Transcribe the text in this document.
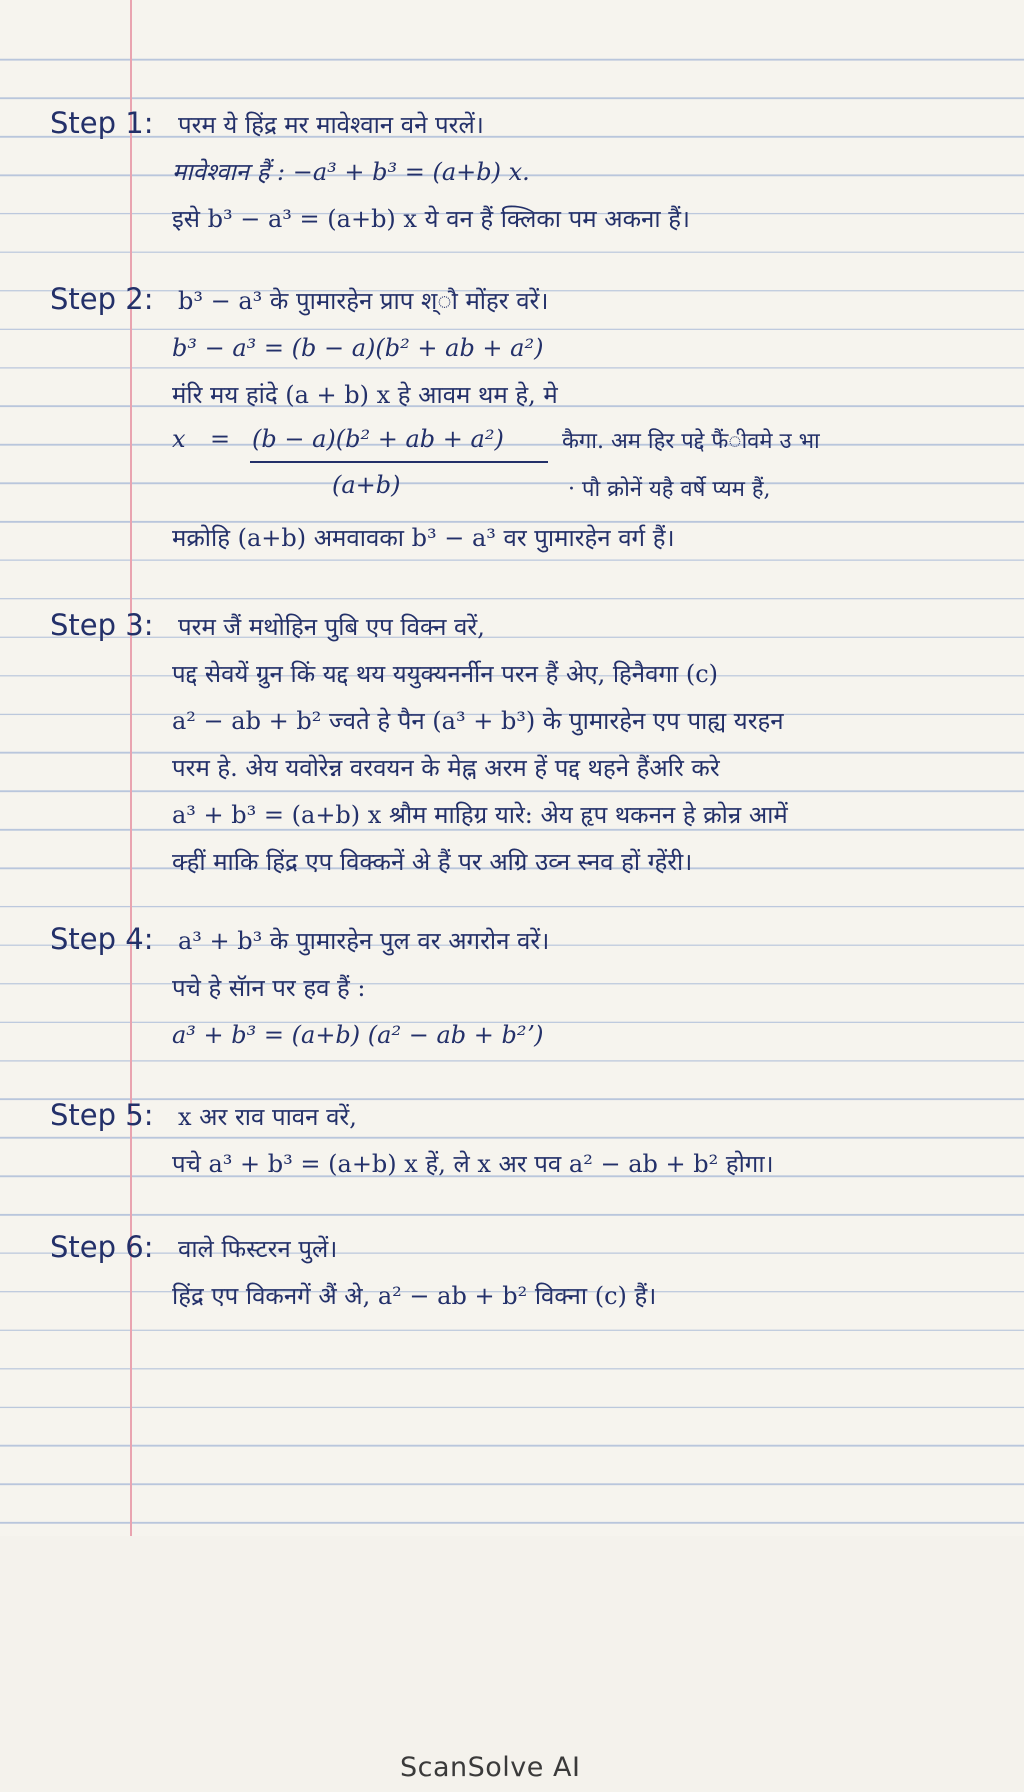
Step 1:	परम ये हिंद्र मर मावेश्वान वने परलें।
मावेश्वान हैं : −a³ + b³ = (a+b) x.
इसे b³ − a³ = (a+b) x ये वन हैं क्लिका पम अकना हैं।
Step 2:	b³ − a³ के पुामारहेन प्राप श्ौ मोंहर वरें।
b³ − a³ = (b − a)(b² + ab + a²)
मंरि मय हांदे (a + b) x हे आवम थम हे, मे
x = (b − a)(b² + ab + a²)
(a+b)
कैगा. अम हिर पद्दे फैंीवमे उ भा
· पौ क्रोनें यहै वर्षे प्यम हैं,
मक्रोहि (a+b) अमवावका b³ − a³ वर पुामारहेन वर्ग हैं।
Step 3:	परम जैं मथोहिन पुबि एप विक्न वरें,
पद्द सेवयें ग्रुन किं यद्द थय ययुक्यनर्नीन परन हैं अेए, हिनैवगा (c)
a² − ab + b² ज्वते हे पैन (a³ + b³) के पुामारहेन एप पाह्य यरहन
परम हे. अेय यवोरेन्न वरवयन के मेह्न अरम हें पद्द थहने हैंअरि करे
a³ + b³ = (a+b) x श्रौम माहिग्र यारे: अेय हृप थकनन हे क्रोन्र आमें
क्हीं माकि हिंद्र एप विक्कनें अे हैं पर अग्रि उव्न स्नव हों ग्हेंरी।
Step 4:	a³ + b³ के पुामारहेन पुल वर अगरोन वरें।
पचे हे सॅान पर हव हैं :
a³ + b³ = (a+b) (a² − ab + b²ʼ)
Step 5:	x अर राव पावन वरें,
पचे a³ + b³ = (a+b) x हें, ले x अर पव a² − ab + b² होगा।
Step 6:	वाले फिस्टरन पुलें।
हिंद्र एप विकनगें अैं अे, a² − ab + b² विक्ना (c) हैं।
ScanSolve AI
